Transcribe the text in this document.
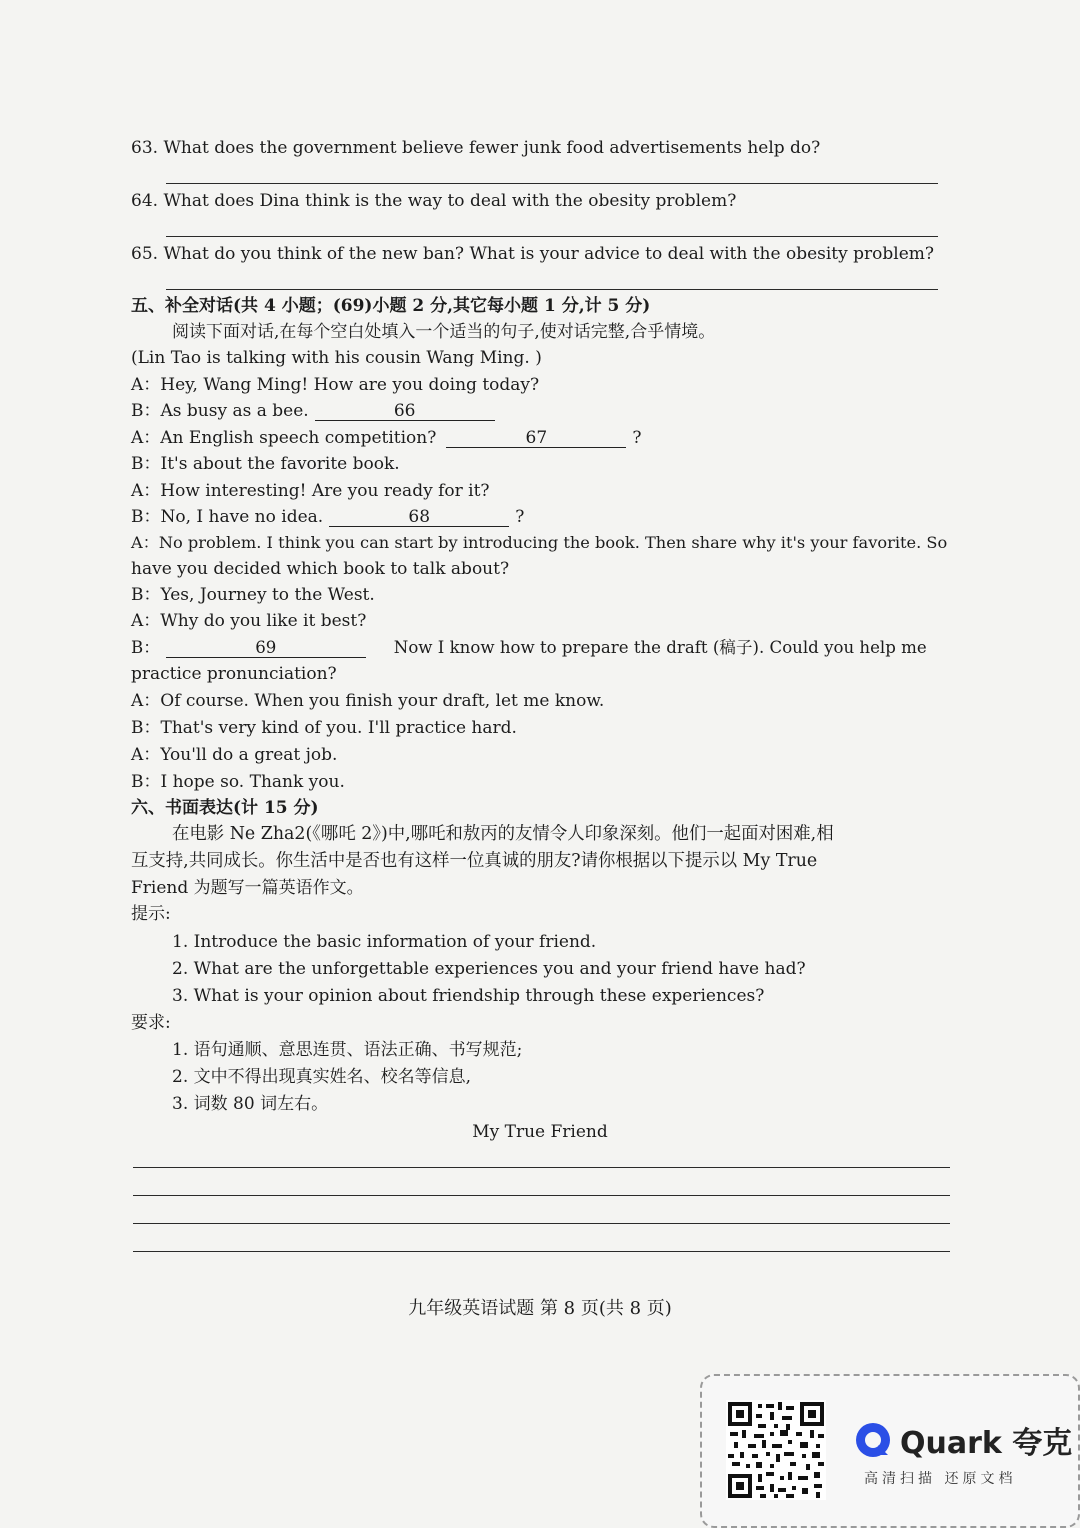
63. What does the government believe fewer junk food advertisements help do?
64. What does Dina think is the way to deal with the obesity problem?
65. What do you think of the new ban? What is your advice to deal with the obesity problem?
五、补全对话(共 4 小题；(69)小题 2 分,其它每小题 1 分,计 5 分)
阅读下面对话,在每个空白处填入一个适当的句子,使对话完整,合乎情境。
(Lin Tao is talking with his cousin Wang Ming. )
A：Hey, Wang Ming! How are you doing today?
B：As busy as a bee.	66
A：An English speech competition?	67	?
B：It's about the favorite book.
A：How interesting! Are you ready for it?
B：No, I have no idea.	68	?
A：No problem. I think you can start by introducing the book. Then share why it's your favorite. So
have you decided which book to talk about?
B：Yes, Journey to the West.
A：Why do you like it best?
B：	69	Now I know how to prepare the draft (稿子). Could you help me
practice pronunciation?
A：Of course. When you finish your draft, let me know.
B：That's very kind of you. I'll practice hard.
A：You'll do a great job.
B：I hope so. Thank you.
六、书面表达(计 15 分)
在电影 Ne Zha2(《哪吒 2》)中,哪吒和敖丙的友情令人印象深刻。他们一起面对困难,相
互支持,共同成长。你生活中是否也有这样一位真诚的朋友?请你根据以下提示以 My True
Friend 为题写一篇英语作文。
提示:
1. Introduce the basic information of your friend.
2. What are the unforgettable experiences you and your friend have had?
3. What is your opinion about friendship through these experiences?
要求:
1. 语句通顺、意思连贯、语法正确、书写规范;
2. 文中不得出现真实姓名、校名等信息,
3. 词数 80 词左右。
My True Friend
九年级英语试题 第 8 页(共 8 页)
Quark 夸克
高清扫描 还原文档
